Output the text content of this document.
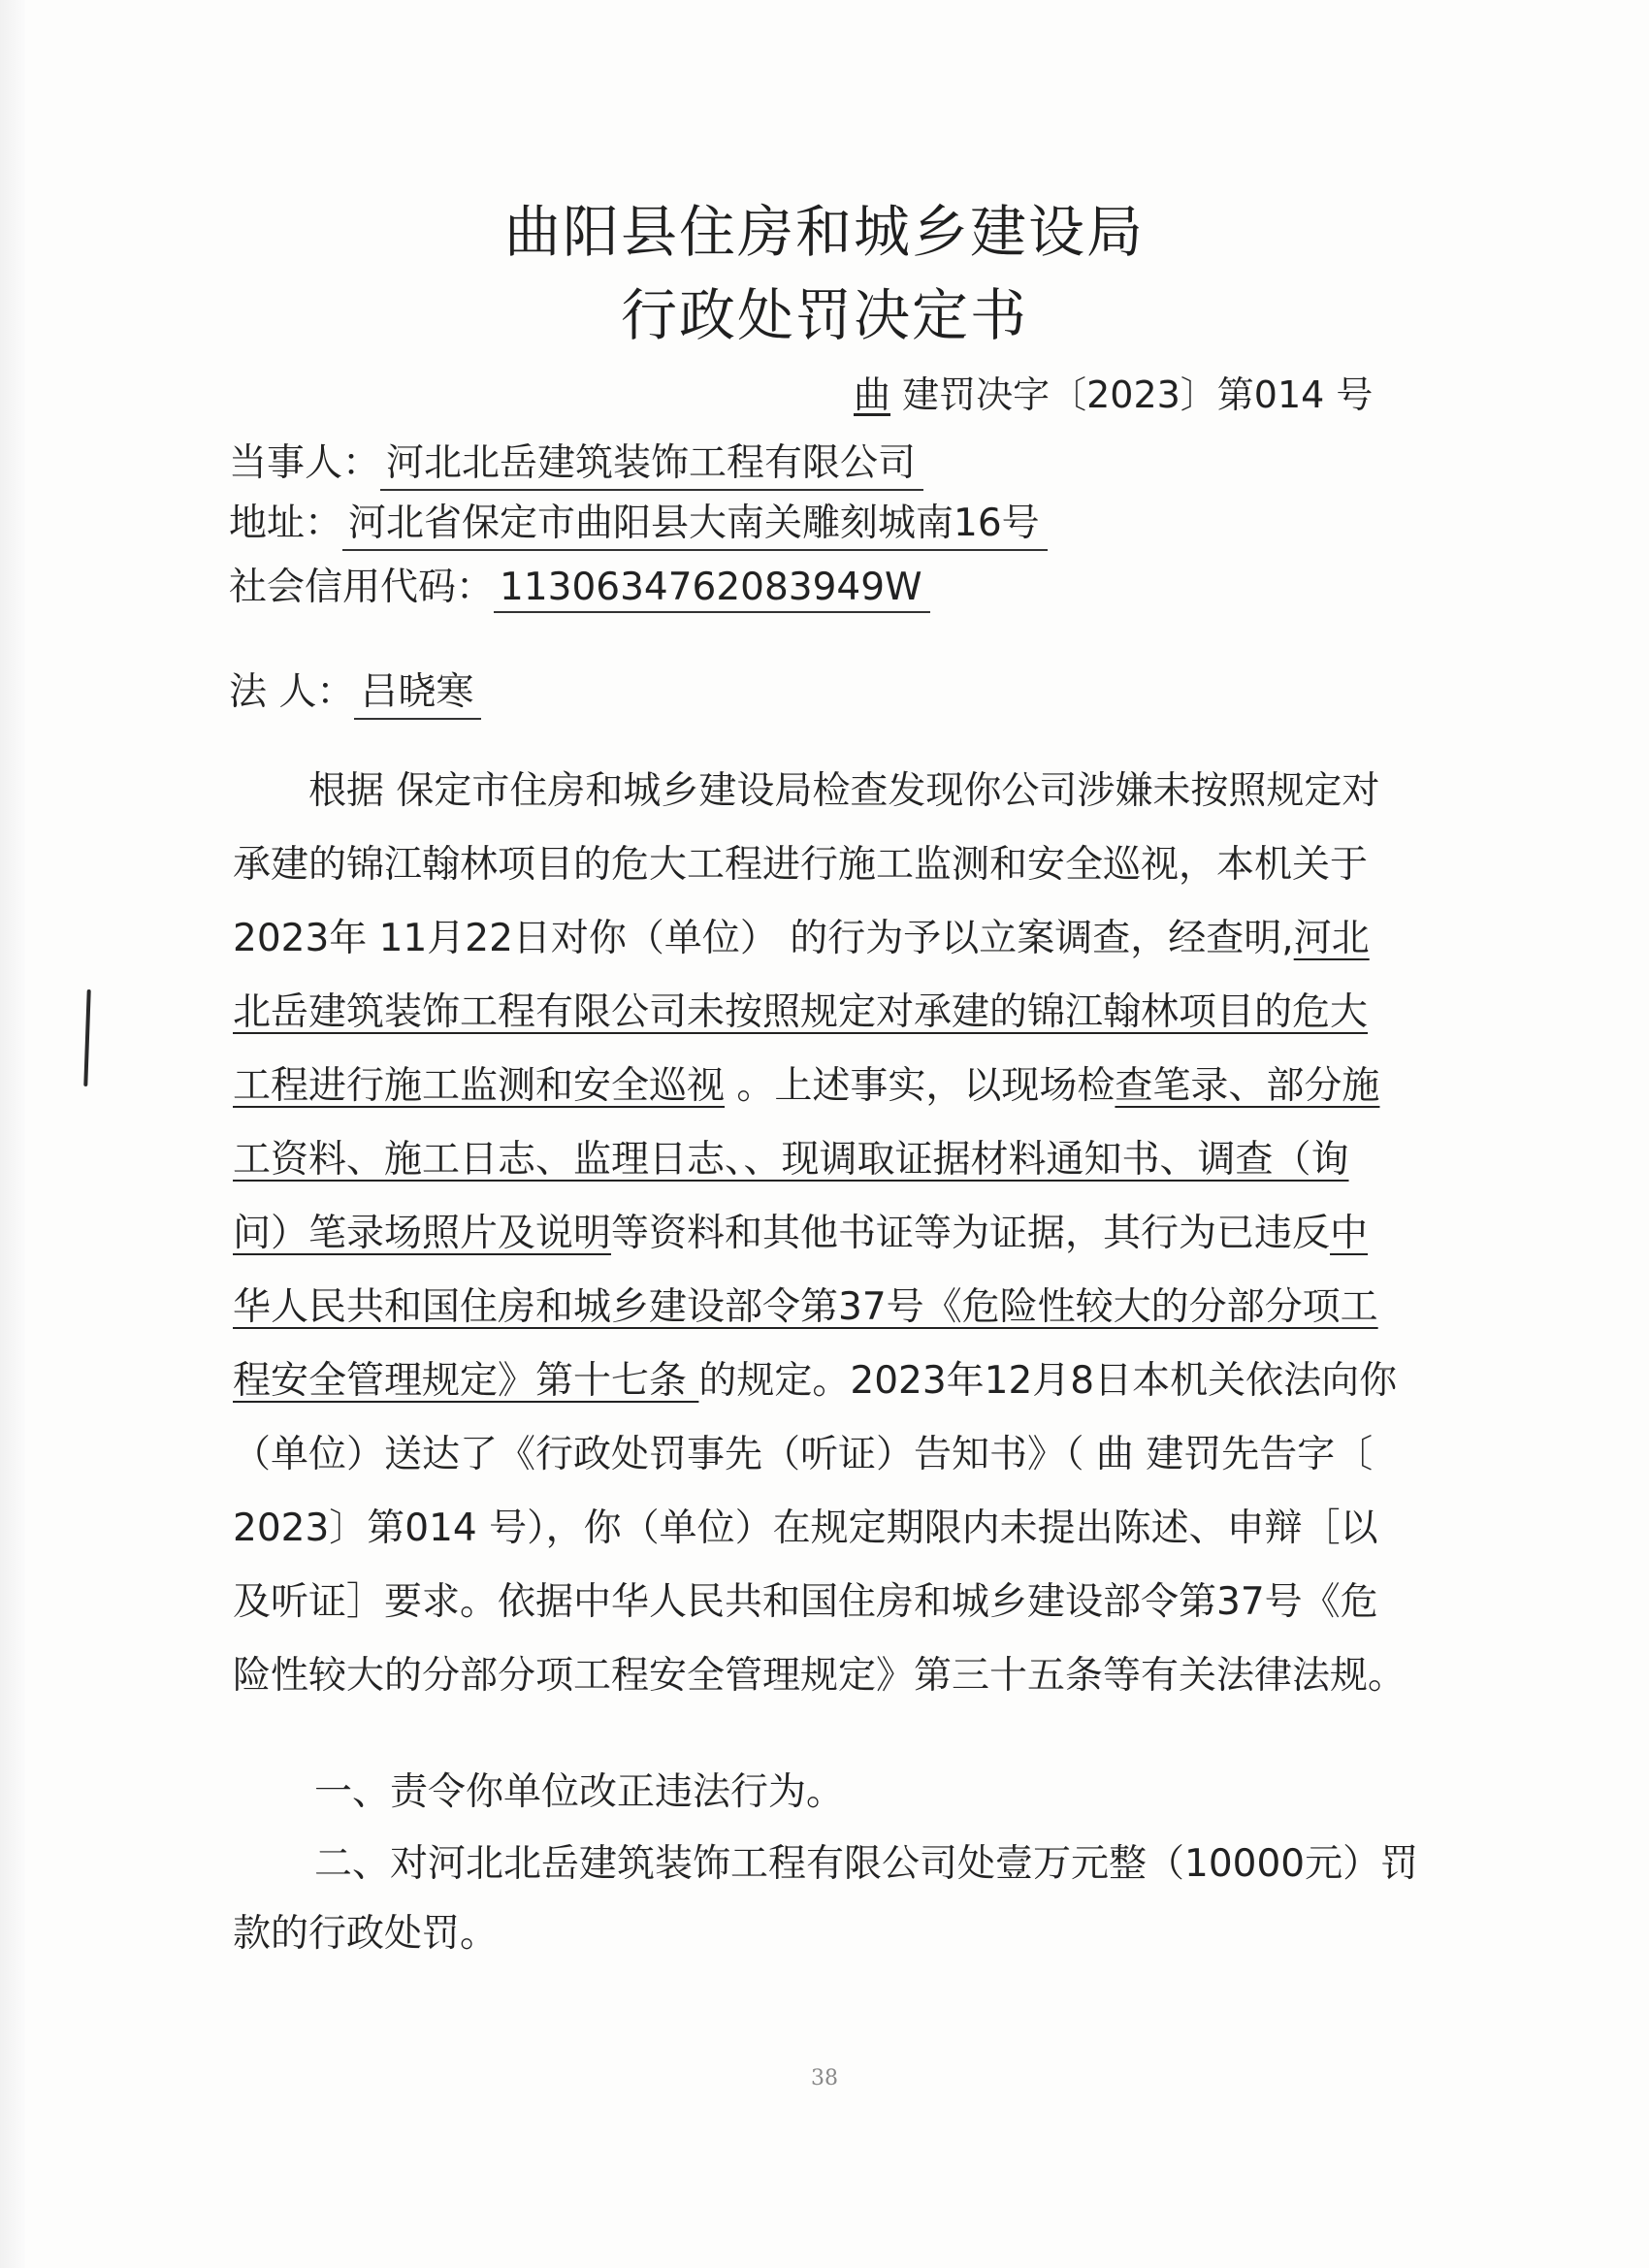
曲阳县住房和城乡建设局
行政处罚决定书
曲 建罚决字〔2023〕第014 号
当事人： 河北北岳建筑装饰工程有限公司
地址： 河北省保定市曲阳县大南关雕刻城南16号
社会信用代码： 1130634762083949W
法 人： 吕晓寒
根据 保定市住房和城乡建设局检查发现你公司涉嫌未按照规定对
承建的锦江翰林项目的危大工程进行施工监测和安全巡视，本机关于
2023年 11月22日对你（单位） 的行为予以立案调查，经查明,河北
北岳建筑装饰工程有限公司未按照规定对承建的锦江翰林项目的危大
工程进行施工监测和安全巡视 。上述事实，以现场检查笔录、部分施
工资料、施工日志、监理日志、、现调取证据材料通知书、调查（询
问）笔录场照片及说明等资料和其他书证等为证据，其行为已违反中
华人民共和国住房和城乡建设部令第37号《危险性较大的分部分项工
程安全管理规定》第十七条 的规定。2023年12月8日本机关依法向你
（单位）送达了《行政处罚事先（听证）告知书》（ 曲 建罚先告字〔
2023〕第014 号），你（单位）在规定期限内未提出陈述、申辩［以
及听证］要求。依据中华人民共和国住房和城乡建设部令第37号《危
险性较大的分部分项工程安全管理规定》第三十五条等有关法律法规。
一、责令你单位改正违法行为。
二、对河北北岳建筑装饰工程有限公司处壹万元整（10000元）罚
款的行政处罚。
38
